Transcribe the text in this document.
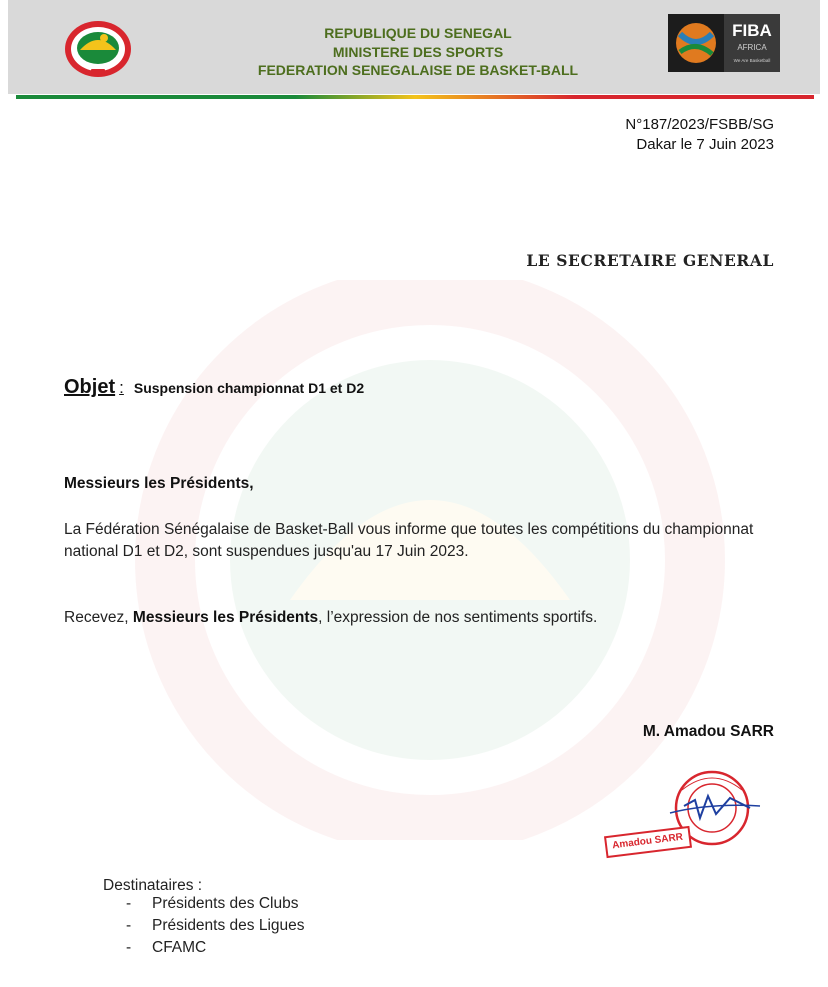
REPUBLIQUE DU SENEGAL
MINISTERE DES SPORTS
FEDERATION SENEGALAISE DE BASKET-BALL
FIBA
AFRICA
We Are Basketball
N°187/2023/FSBB/SG
Dakar le 7 Juin 2023
LE SECRETAIRE GENERAL
Objet : Suspension championnat D1 et D2
Messieurs les Présidents,
La Fédération Sénégalaise de Basket-Ball vous informe que toutes les compétitions du championnat national D1 et D2, sont suspendues jusqu'au 17 Juin 2023.
Recevez, Messieurs les Présidents, l’expression de nos sentiments sportifs.
M. Amadou SARR
Amadou SARR
Destinataires :
- Présidents des Clubs
- Présidents des Ligues
- CFAMC
